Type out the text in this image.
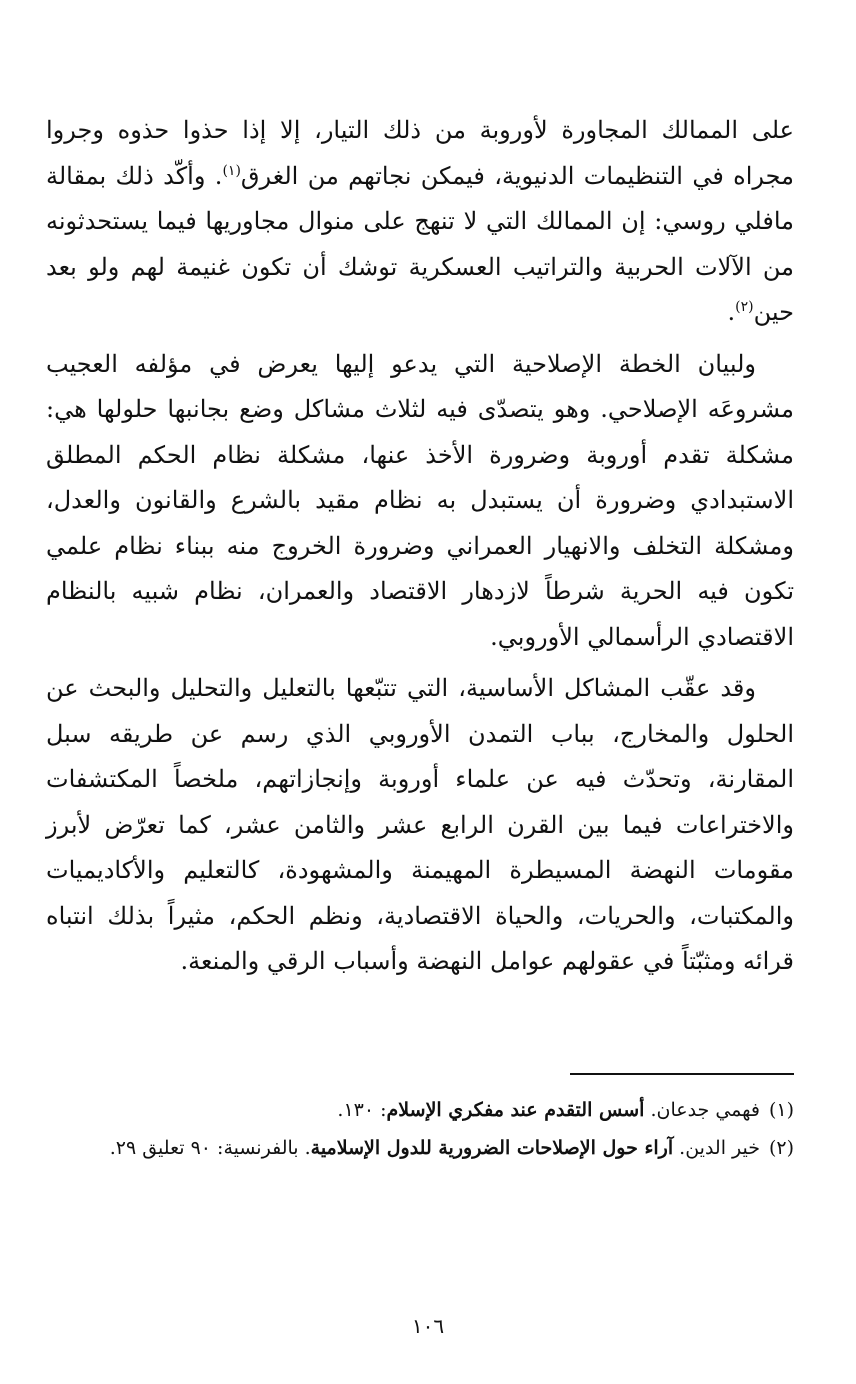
على الممالك المجاورة لأوروبة من ذلك التيار، إلا إذا حذوا حذوه وجروا مجراه في التنظيمات الدنيوية، فيمكن نجاتهم من الغرق$^{(١)}$. وأكّد ذلك بمقالة مافلي روسي: إن الممالك التي لا تنهج على منوال مجاوريها فيما يستحدثونه من الآلات الحربية والتراتيب العسكرية توشك أن تكون غنيمة لهم ولو بعد حين$^{(٢)}$.

ولبيان الخطة الإصلاحية التي يدعو إليها يعرض في مؤلفه العجيب مشروعَه الإصلاحي. وهو يتصدّى فيه لثلاث مشاكل وضع بجانبها حلولها هي: مشكلة تقدم أوروبة وضرورة الأخذ عنها، مشكلة نظام الحكم المطلق الاستبدادي وضرورة أن يستبدل به نظام مقيد بالشرع والقانون والعدل، ومشكلة التخلف والانهيار العمراني وضرورة الخروج منه ببناء نظام علمي تكون فيه الحرية شرطاً لازدهار الاقتصاد والعمران، نظام شبيه بالنظام الاقتصادي الرأسمالي الأوروبي.

وقد عقّب المشاكل الأساسية، التي تتبّعها بالتعليل والتحليل والبحث عن الحلول والمخارج، بباب التمدن الأوروبي الذي رسم عن طريقه سبل المقارنة، وتحدّث فيه عن علماء أوروبة وإنجازاتهم، ملخصاً المكتشفات والاختراعات فيما بين القرن الرابع عشر والثامن عشر، كما تعرّض لأبرز مقومات النهضة المسيطرة المهيمنة والمشهودة، كالتعليم والأكاديميات والمكتبات، والحريات، والحياة الاقتصادية، ونظم الحكم، مثيراً بذلك انتباه قرائه ومثبّتاً في عقولهم عوامل النهضة وأسباب الرقي والمنعة.

(١)
فهمي جدعان. أسس التقدم عند مفكري الإسلام: ١٣٠.
(٢)
خير الدين. آراء حول الإصلاحات الضرورية للدول الإسلامية. بالفرنسية: ٩٠ تعليق ٢٩.
١٠٦
